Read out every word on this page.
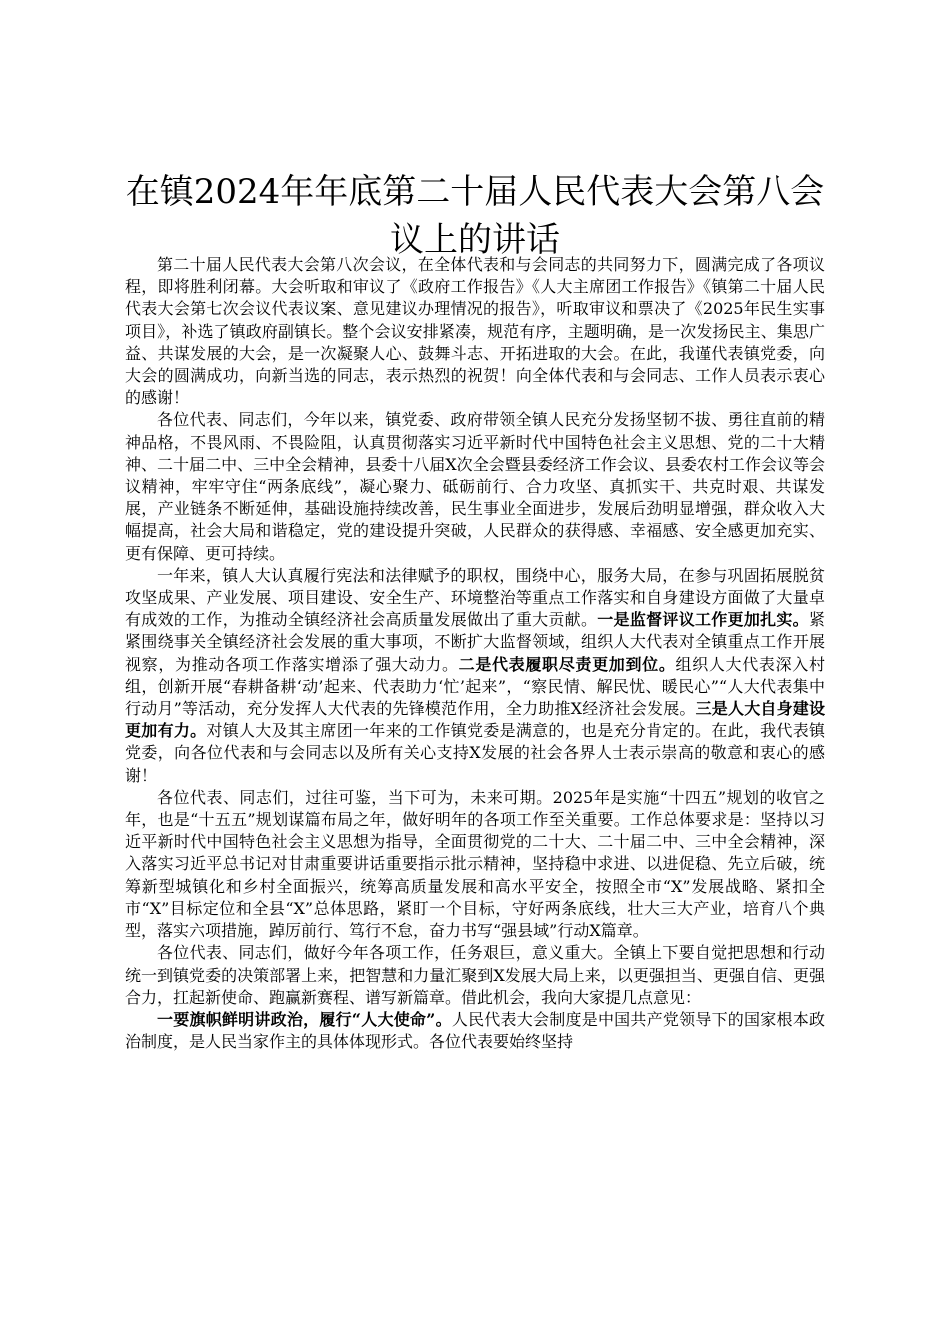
在镇2024年年底第二十届人民代表大会第八会议上的讲话

第二十届人民代表大会第八次会议，在全体代表和与会同志的共同努力下，圆满完成了各项议程，即将胜利闭幕。大会听取和审议了《政府工作报告》《人大主席团工作报告》《镇第二十届人民代表大会第七次会议代表议案、意见建议办理情况的报告》，听取审议和票决了《2025年民生实事项目》，补选了镇政府副镇长。整个会议安排紧凑，规范有序，主题明确，是一次发扬民主、集思广益、共谋发展的大会，是一次凝聚人心、鼓舞斗志、开拓进取的大会。在此，我谨代表镇党委，向大会的圆满成功，向新当选的同志，表示热烈的祝贺！向全体代表和与会同志、工作人员表示衷心的感谢！

各位代表、同志们，今年以来，镇党委、政府带领全镇人民充分发扬坚韧不拔、勇往直前的精神品格，不畏风雨、不畏险阻，认真贯彻落实习近平新时代中国特色社会主义思想、党的二十大精神、二十届二中、三中全会精神，县委十八届X次全会暨县委经济工作会议、县委农村工作会议等会议精神，牢牢守住“两条底线”，凝心聚力、砥砺前行、合力攻坚、真抓实干、共克时艰、共谋发展，产业链条不断延伸，基础设施持续改善，民生事业全面进步，发展后劲明显增强，群众收入大幅提高，社会大局和谐稳定，党的建设提升突破，人民群众的获得感、幸福感、安全感更加充实、更有保障、更可持续。

一年来，镇人大认真履行宪法和法律赋予的职权，围绕中心，服务大局，在参与巩固拓展脱贫攻坚成果、产业发展、项目建设、安全生产、环境整治等重点工作落实和自身建设方面做了大量卓有成效的工作，为推动全镇经济社会高质量发展做出了重大贡献。一是监督评议工作更加扎实。紧紧围绕事关全镇经济社会发展的重大事项，不断扩大监督领域，组织人大代表对全镇重点工作开展视察，为推动各项工作落实增添了强大动力。二是代表履职尽责更加到位。组织人大代表深入村组，创新开展“春耕备耕‘动’起来、代表助力‘忙’起来”，“察民情、解民忧、暖民心”“人大代表集中行动月”等活动，充分发挥人大代表的先锋模范作用，全力助推X经济社会发展。三是人大自身建设更加有力。对镇人大及其主席团一年来的工作镇党委是满意的，也是充分肯定的。在此，我代表镇党委，向各位代表和与会同志以及所有关心支持X发展的社会各界人士表示崇高的敬意和衷心的感谢！

各位代表、同志们，过往可鉴，当下可为，未来可期。2025年是实施“十四五”规划的收官之年，也是“十五五”规划谋篇布局之年，做好明年的各项工作至关重要。工作总体要求是：坚持以习近平新时代中国特色社会主义思想为指导，全面贯彻党的二十大、二十届二中、三中全会精神，深入落实习近平总书记对甘肃重要讲话重要指示批示精神，坚持稳中求进、以进促稳、先立后破，统筹新型城镇化和乡村全面振兴，统筹高质量发展和高水平安全，按照全市“X”发展战略、紧扣全市“X”目标定位和全县“X”总体思路，紧盯一个目标，守好两条底线，壮大三大产业，培育八个典型，落实六项措施，踔厉前行、笃行不怠，奋力书写“强县域”行动X篇章。

各位代表、同志们，做好今年各项工作，任务艰巨，意义重大。全镇上下要自觉把思想和行动统一到镇党委的决策部署上来，把智慧和力量汇聚到X发展大局上来，以更强担当、更强自信、更强合力，扛起新使命、跑赢新赛程、谱写新篇章。借此机会，我向大家提几点意见：

一要旗帜鲜明讲政治，履行“人大使命”。人民代表大会制度是中国共产党领导下的国家根本政治制度，是人民当家作主的具体体现形式。各位代表要始终坚持
